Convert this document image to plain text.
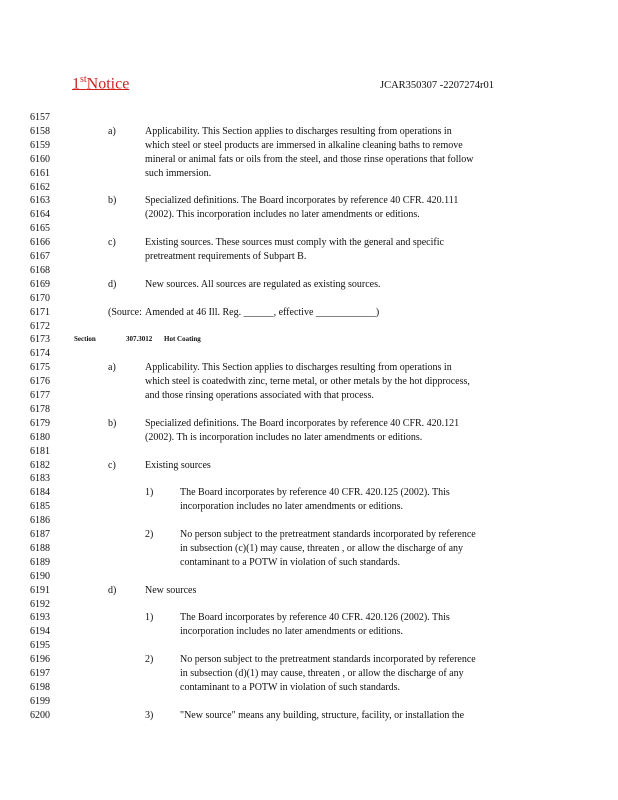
1stNotice	JCAR350307 -2207274r01
6157
6158	a)	Applicability. This Section applies to discharges resulting from operations in
6159	which steel or steel products are immersed in alkaline cleaning baths to remove
6160	mineral or animal fats or oils from the steel, and those rinse operations that follow
6161	such immersion.
6162
6163	b)	Specialized definitions. The Board incorporates by reference 40 CFR. 420.111
6164	(2002). This incorporation includes no later amendments or editions.
6165
6166	c)	Existing sources. These sources must comply with the general and specific
6167	pretreatment requirements of Subpart B.
6168
6169	d)	New sources. All sources are regulated as existing sources.
6170
6171	(Source: Amended at 46 Ill. Reg. ______, effective ____________)
6172
6173	Section	307.3012 Hot Coating
6174
6175	a)	Applicability. This Section applies to discharges resulting from operations in
6176	which steel is coatedwith zinc, terne metal, or other metals by the hot dipprocess,
6177	and those rinsing operations associated with that process.
6178
6179	b)	Specialized definitions. The Board incorporates by reference 40 CFR. 420.121
6180	(2002). Th is incorporation includes no later amendments or editions.
6181
6182	c)	Existing sources
6183
6184	1)	The Board incorporates by reference 40 CFR. 420.125 (2002). This
6185	incorporation includes no later amendments or editions.
6186
6187	2)	No person subject to the pretreatment standards incorporated by reference
6188	in subsection (c)(1) may cause, threaten , or allow the discharge of any
6189	contaminant to a POTW in violation of such standards.
6190
6191	d)	New sources
6192
6193	1)	The Board incorporates by reference 40 CFR. 420.126 (2002). This
6194	incorporation includes no later amendments or editions.
6195
6196	2)	No person subject to the pretreatment standards incorporated by reference
6197	in subsection (d)(1) may cause, threaten , or allow the discharge of any
6198	contaminant to a POTW in violation of such standards.
6199
6200	3)	"New source" means any building, structure, facility, or installation the
